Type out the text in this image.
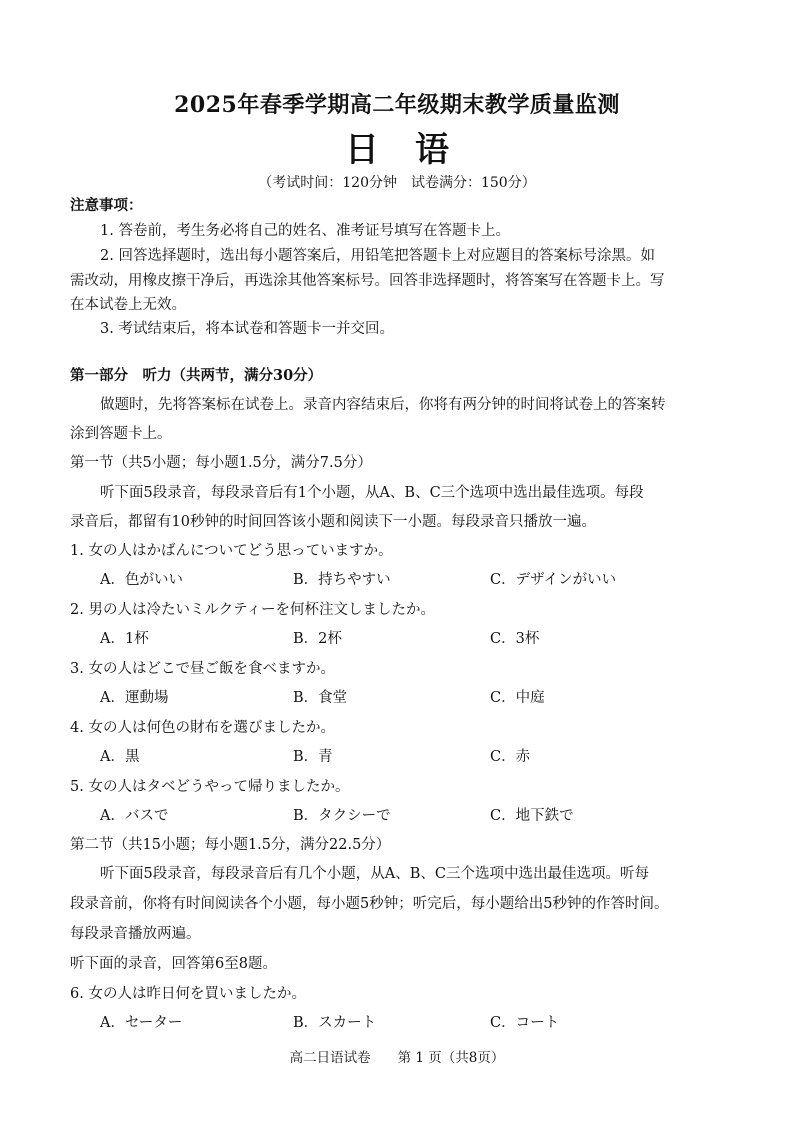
2025年春季学期高二年级期末教学质量监测
日语
（考试时间：120分钟　试卷满分：150分）
注意事项：
1. 答卷前，考生务必将自己的姓名、准考证号填写在答题卡上。
2. 回答选择题时，选出每小题答案后，用铅笔把答题卡上对应题目的答案标号涂黑。如
需改动，用橡皮擦干净后，再选涂其他答案标号。回答非选择题时，将答案写在答题卡上。写
在本试卷上无效。
3. 考试结束后，将本试卷和答题卡一并交回。
第一部分　听力（共两节，满分30分）
做题时，先将答案标在试卷上。录音内容结束后，你将有两分钟的时间将试卷上的答案转
涂到答题卡上。
第一节（共5小题；每小题1.5分，满分7.5分）
听下面5段录音，每段录音后有1个小题，从A、B、C三个选项中选出最佳选项。每段
录音后，都留有10秒钟的时间回答该小题和阅读下一小题。每段录音只播放一遍。
1. 女の人はかばんについてどう思っていますか。
A．色がいい	B．持ちやすい	C．デザインがいい
2. 男の人は冷たいミルクティーを何杯注文しましたか。
A．1杯	B．2杯	C．3杯
3. 女の人はどこで昼ご飯を食べますか。
A．運動場	B．食堂	C．中庭
4. 女の人は何色の財布を選びましたか。
A．黒	B．青	C．赤
5. 女の人はタベどうやって帰りましたか。
A．バスで	B．タクシーで	C．地下鉄で
第二节（共15小题；每小题1.5分，满分22.5分）
听下面5段录音，每段录音后有几个小题，从A、B、C三个选项中选出最佳选项。听每
段录音前，你将有时间阅读各个小题，每小题5秒钟；听完后，每小题给出5秒钟的作答时间。
每段录音播放两遍。
听下面的录音，回答第6至8题。
6. 女の人は昨日何を買いましたか。
A．セーター	B．スカート	C．コート
高二日语试卷　　第 1 页（共8页）
